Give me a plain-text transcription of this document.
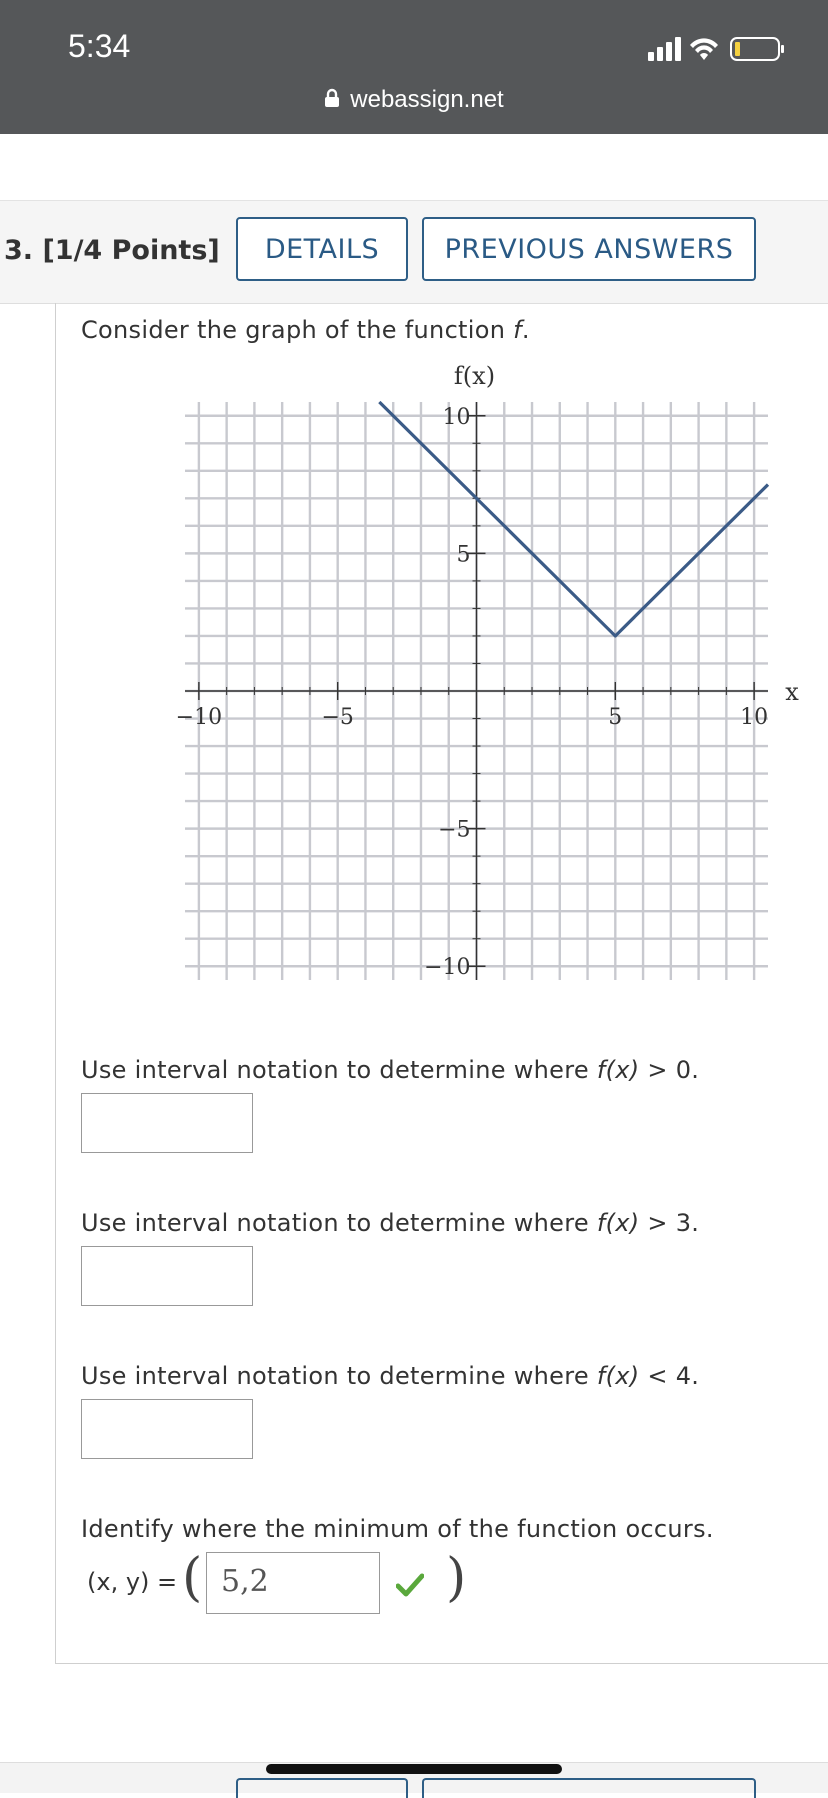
5:34
webassign.net
3. [1/4 Points]	DETAILS	PREVIOUS ANSWERS
Consider the graph of the function f.
−10	−5	5	10
−10
−5
5
10
x
f(x)
Use interval notation to determine where f(x) > 0.
Use interval notation to determine where f(x) > 3.
Use interval notation to determine where f(x) < 4.
Identify where the minimum of the function occurs.
(x, y) = ( 5,2	)
